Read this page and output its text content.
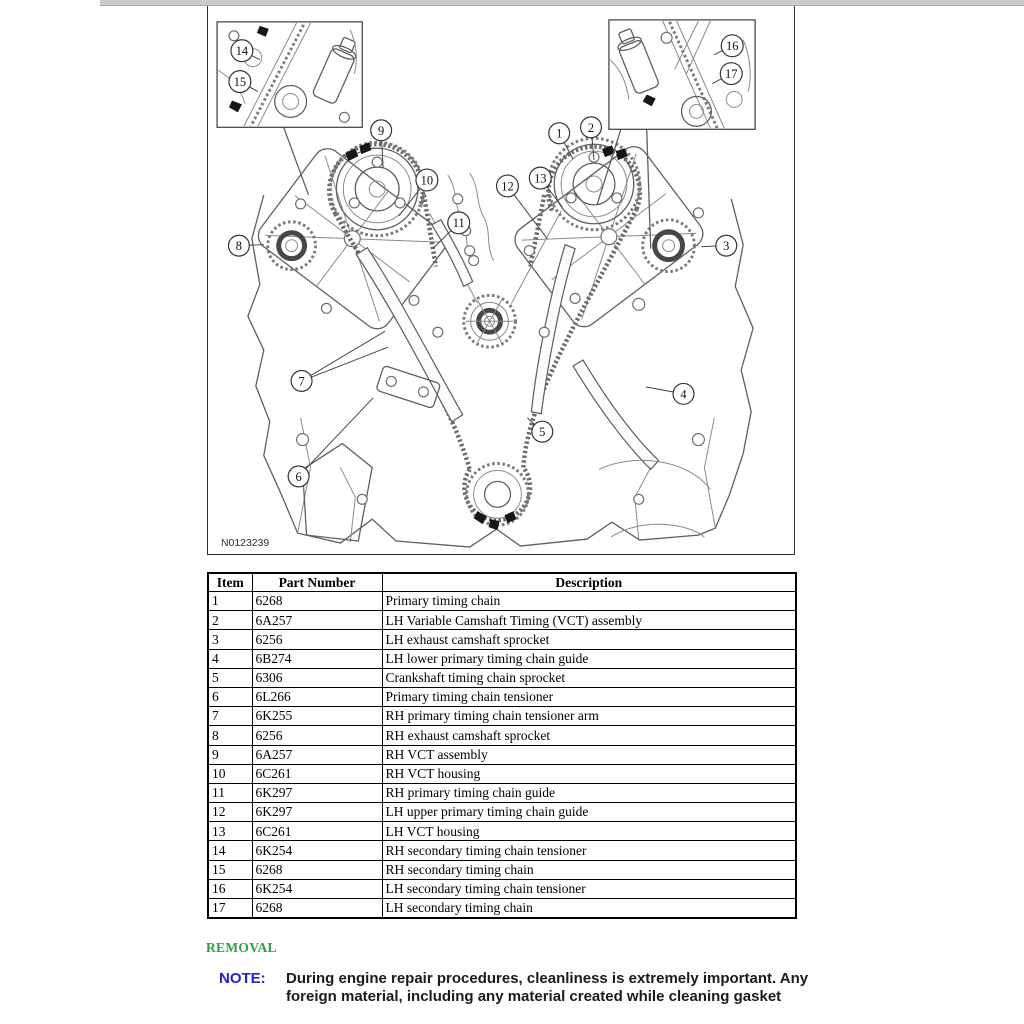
1 2
3
4
5
6
7
8
9
10
11
12
13
14
15
16
17
N0123239
Item	Part Number	Description
1	6268	Primary timing chain
2	6A257	LH Variable Camshaft Timing (VCT) assembly
3	6256	LH exhaust camshaft sprocket
4	6B274	LH lower primary timing chain guide
5	6306	Crankshaft timing chain sprocket
6	6L266	Primary timing chain tensioner
7	6K255	RH primary timing chain tensioner arm
8	6256	RH exhaust camshaft sprocket
9	6A257	RH VCT assembly
10	6C261	RH VCT housing
11	6K297	RH primary timing chain guide
12	6K297	LH upper primary timing chain guide
13	6C261	LH VCT housing
14	6K254	RH secondary timing chain tensioner
15	6268	RH secondary timing chain
16	6K254	LH secondary timing chain tensioner
17	6268	LH secondary timing chain
REMOVAL
NOTE: During engine repair procedures, cleanliness is extremely important. Any foreign material, including any material created while cleaning gasket
